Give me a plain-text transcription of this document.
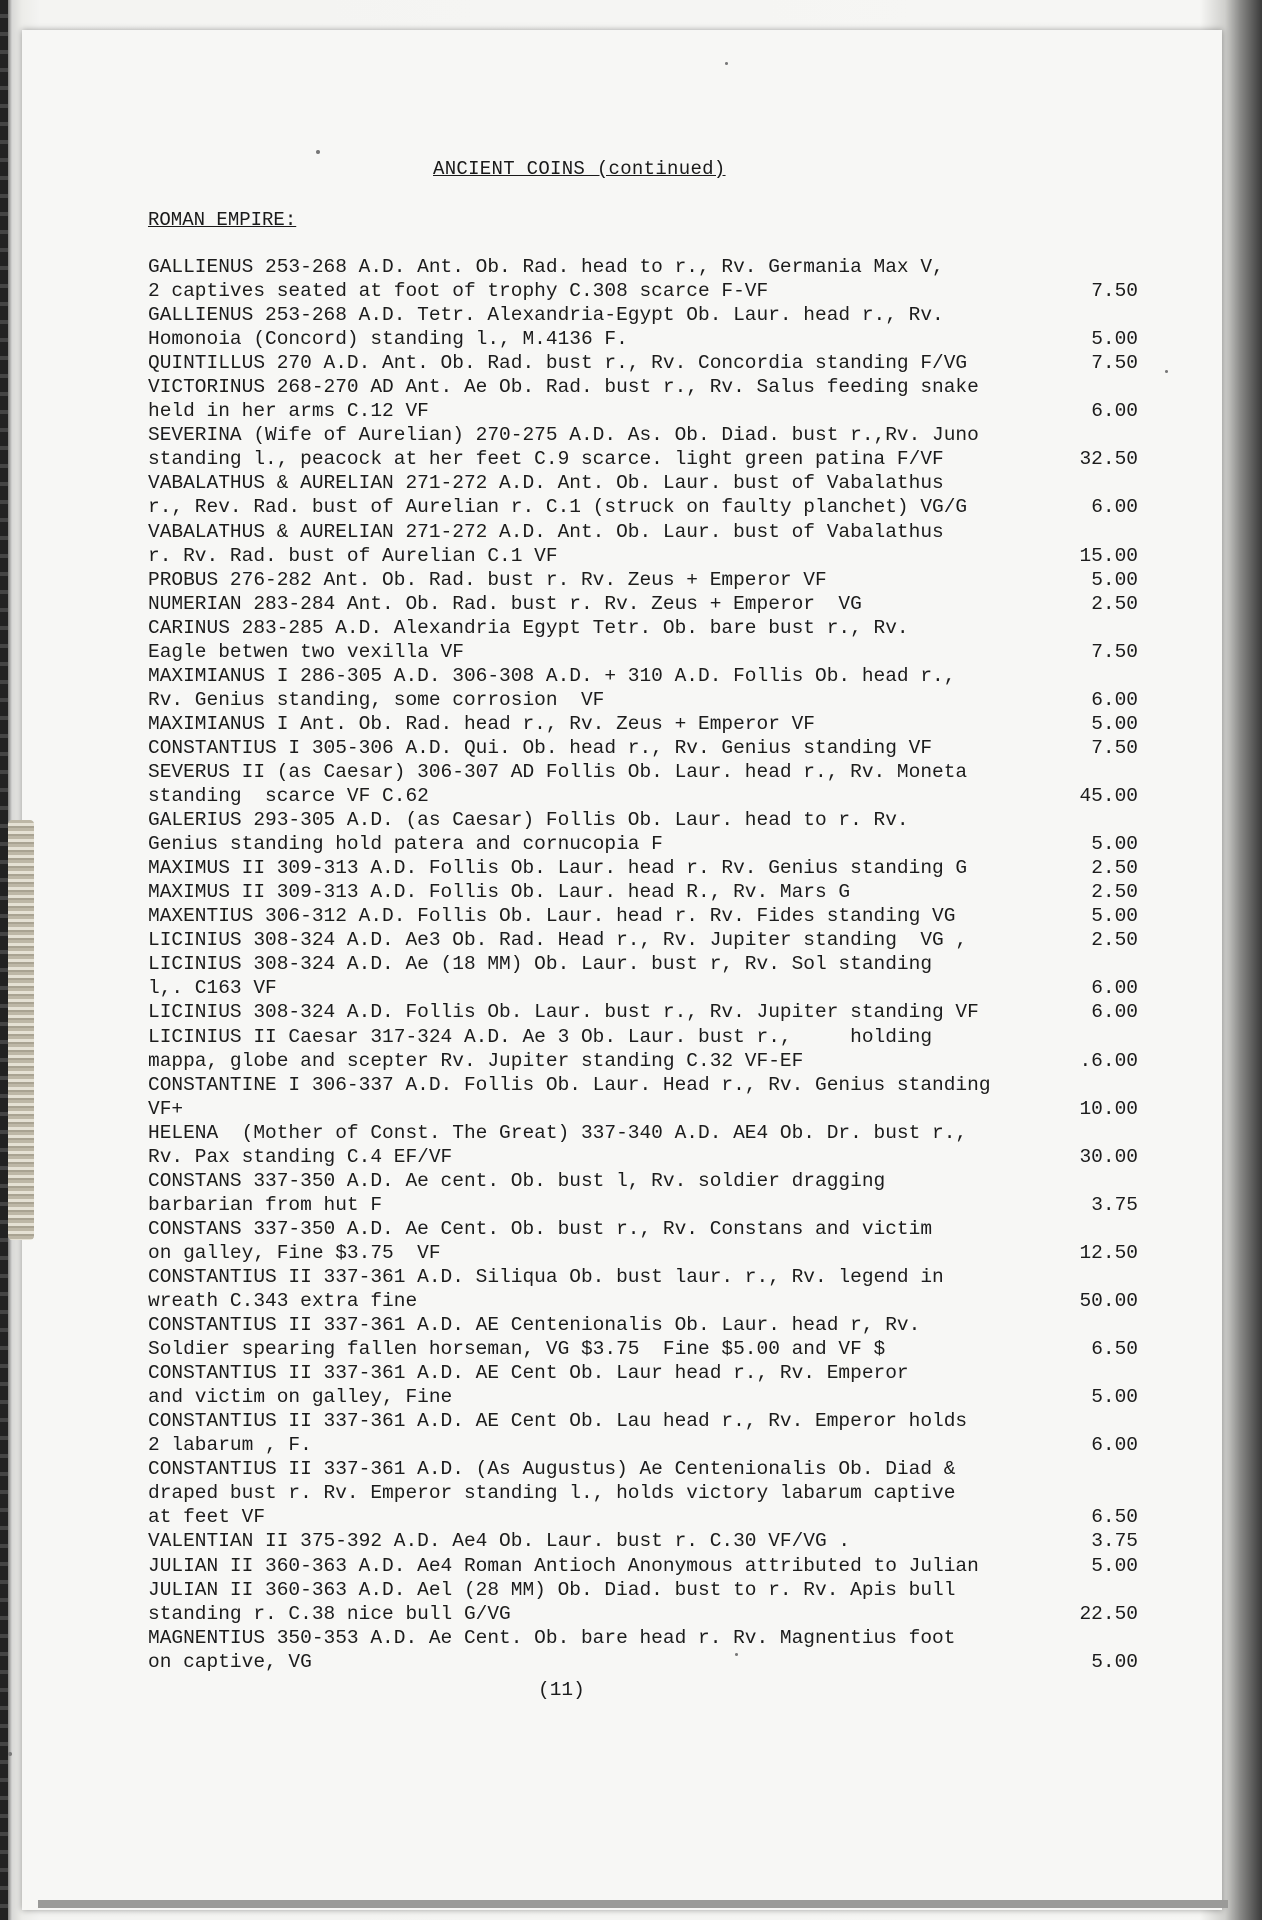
ANCIENT COINS (continued)
ROMAN EMPIRE:
GALLIENUS 253-268 A.D. Ant. Ob. Rad. head to r., Rv. Germania Max V,
2 captives seated at foot of trophy C.308 scarce F-VF	7.50
GALLIENUS 253-268 A.D. Tetr. Alexandria-Egypt Ob. Laur. head r., Rv.
Homonoia (Concord) standing l., M.4136 F.	5.00
QUINTILLUS 270 A.D. Ant. Ob. Rad. bust r., Rv. Concordia standing F/VG	7.50
VICTORINUS 268-270 AD Ant. Ae Ob. Rad. bust r., Rv. Salus feeding snake
held in her arms C.12 VF	6.00
SEVERINA (Wife of Aurelian) 270-275 A.D. As. Ob. Diad. bust r.,Rv. Juno
standing l., peacock at her feet C.9 scarce. light green patina F/VF	32.50
VABALATHUS & AURELIAN 271-272 A.D. Ant. Ob. Laur. bust of Vabalathus
r., Rev. Rad. bust of Aurelian r. C.1 (struck on faulty planchet) VG/G	6.00
VABALATHUS & AURELIAN 271-272 A.D. Ant. Ob. Laur. bust of Vabalathus
r. Rv. Rad. bust of Aurelian C.1 VF	15.00
PROBUS 276-282 Ant. Ob. Rad. bust r. Rv. Zeus + Emperor VF	5.00
NUMERIAN 283-284 Ant. Ob. Rad. bust r. Rv. Zeus + Emperor  VG	2.50
CARINUS 283-285 A.D. Alexandria Egypt Tetr. Ob. bare bust r., Rv.
Eagle betwen two vexilla VF	7.50
MAXIMIANUS I 286-305 A.D. 306-308 A.D. + 310 A.D. Follis Ob. head r.,
Rv. Genius standing, some corrosion  VF	6.00
MAXIMIANUS I Ant. Ob. Rad. head r., Rv. Zeus + Emperor VF	5.00
CONSTANTIUS I 305-306 A.D. Qui. Ob. head r., Rv. Genius standing VF	7.50
SEVERUS II (as Caesar) 306-307 AD Follis Ob. Laur. head r., Rv. Moneta
standing  scarce VF C.62	45.00
GALERIUS 293-305 A.D. (as Caesar) Follis Ob. Laur. head to r. Rv.
Genius standing hold patera and cornucopia F	5.00
MAXIMUS II 309-313 A.D. Follis Ob. Laur. head r. Rv. Genius standing G	2.50
MAXIMUS II 309-313 A.D. Follis Ob. Laur. head R., Rv. Mars G	2.50
MAXENTIUS 306-312 A.D. Follis Ob. Laur. head r. Rv. Fides standing VG	5.00
LICINIUS 308-324 A.D. Ae3 Ob. Rad. Head r., Rv. Jupiter standing  VG ,	2.50
LICINIUS 308-324 A.D. Ae (18 MM) Ob. Laur. bust r, Rv. Sol standing
l,. C163 VF	6.00
LICINIUS 308-324 A.D. Follis Ob. Laur. bust r., Rv. Jupiter standing VF	6.00
LICINIUS II Caesar 317-324 A.D. Ae 3 Ob. Laur. bust r.,     holding
mappa, globe and scepter Rv. Jupiter standing C.32 VF-EF	.6.00
CONSTANTINE I 306-337 A.D. Follis Ob. Laur. Head r., Rv. Genius standing
VF+	10.00
HELENA  (Mother of Const. The Great) 337-340 A.D. AE4 Ob. Dr. bust r.,
Rv. Pax standing C.4 EF/VF	30.00
CONSTANS 337-350 A.D. Ae cent. Ob. bust l, Rv. soldier dragging
barbarian from hut F	3.75
CONSTANS 337-350 A.D. Ae Cent. Ob. bust r., Rv. Constans and victim
on galley, Fine $3.75  VF	12.50
CONSTANTIUS II 337-361 A.D. Siliqua Ob. bust laur. r., Rv. legend in
wreath C.343 extra fine	50.00
CONSTANTIUS II 337-361 A.D. AE Centenionalis Ob. Laur. head r, Rv.
Soldier spearing fallen horseman, VG $3.75  Fine $5.00 and VF $	6.50
CONSTANTIUS II 337-361 A.D. AE Cent Ob. Laur head r., Rv. Emperor
and victim on galley, Fine	5.00
CONSTANTIUS II 337-361 A.D. AE Cent Ob. Lau head r., Rv. Emperor holds
2 labarum , F.	6.00
CONSTANTIUS II 337-361 A.D. (As Augustus) Ae Centenionalis Ob. Diad &
draped bust r. Rv. Emperor standing l., holds victory labarum captive
at feet VF	6.50
VALENTIAN II 375-392 A.D. Ae4 Ob. Laur. bust r. C.30 VF/VG .	3.75
JULIAN II 360-363 A.D. Ae4 Roman Antioch Anonymous attributed to Julian	5.00
JULIAN II 360-363 A.D. Ael (28 MM) Ob. Diad. bust to r. Rv. Apis bull
standing r. C.38 nice bull G/VG	22.50
MAGNENTIUS 350-353 A.D. Ae Cent. Ob. bare head r. Rv. Magnentius foot
on captive, VG	5.00
(11)
